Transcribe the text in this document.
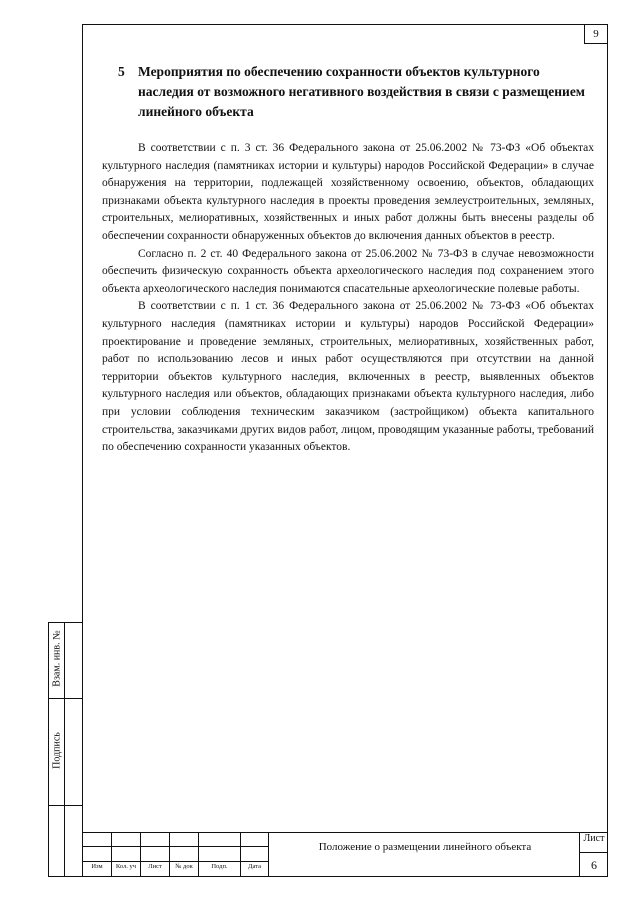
9
5 Мероприятия по обеспечению сохранности объектов культурного наследия от возможного негативного воздействия в связи с размещением линейного объекта

В соответствии с п. 3 ст. 36 Федерального закона от 25.06.2002 № 73-ФЗ «Об объектах культурного наследия (памятниках истории и культуры) народов Российской Федерации» в случае обнаружения на территории, подлежащей хозяйственному освоению, объектов, обладающих признаками объекта культурного наследия в проекты проведения землеустроительных, земляных, строительных, мелиоративных, хозяйственных и иных работ должны быть внесены разделы об обеспечении сохранности обнаруженных объектов до включения данных объектов в реестр.

Согласно п. 2 ст. 40 Федерального закона от 25.06.2002 № 73-ФЗ в случае невозможности обеспечить физическую сохранность объекта археологического наследия под сохранением этого объекта археологического наследия понимаются спасательные археологические полевые работы.

В соответствии с п. 1 ст. 36 Федерального закона от 25.06.2002 № 73-ФЗ «Об объектах культурного наследия (памятниках истории и культуры) народов Российской Федерации» проектирование и проведение земляных, строительных, мелиоративных, хозяйственных работ, работ по использованию лесов и иных работ осуществляются при отсутствии на данной территории объектов культурного наследия, включенных в реестр, выявленных объектов культурного наследия или объектов, обладающих признаками объекта культурного наследия, либо при условии соблюдения техническим заказчиком (застройщиком) объекта капитального строительства, заказчиками других видов работ, лицом, проводящим указанные работы, требований по обеспечению сохранности указанных объектов.

Взам. инв. №
Подпись
Изм	Кол. уч	Лист	№ док	Подп.	Дата
Положение о размещении линейного объекта
Лист
6
